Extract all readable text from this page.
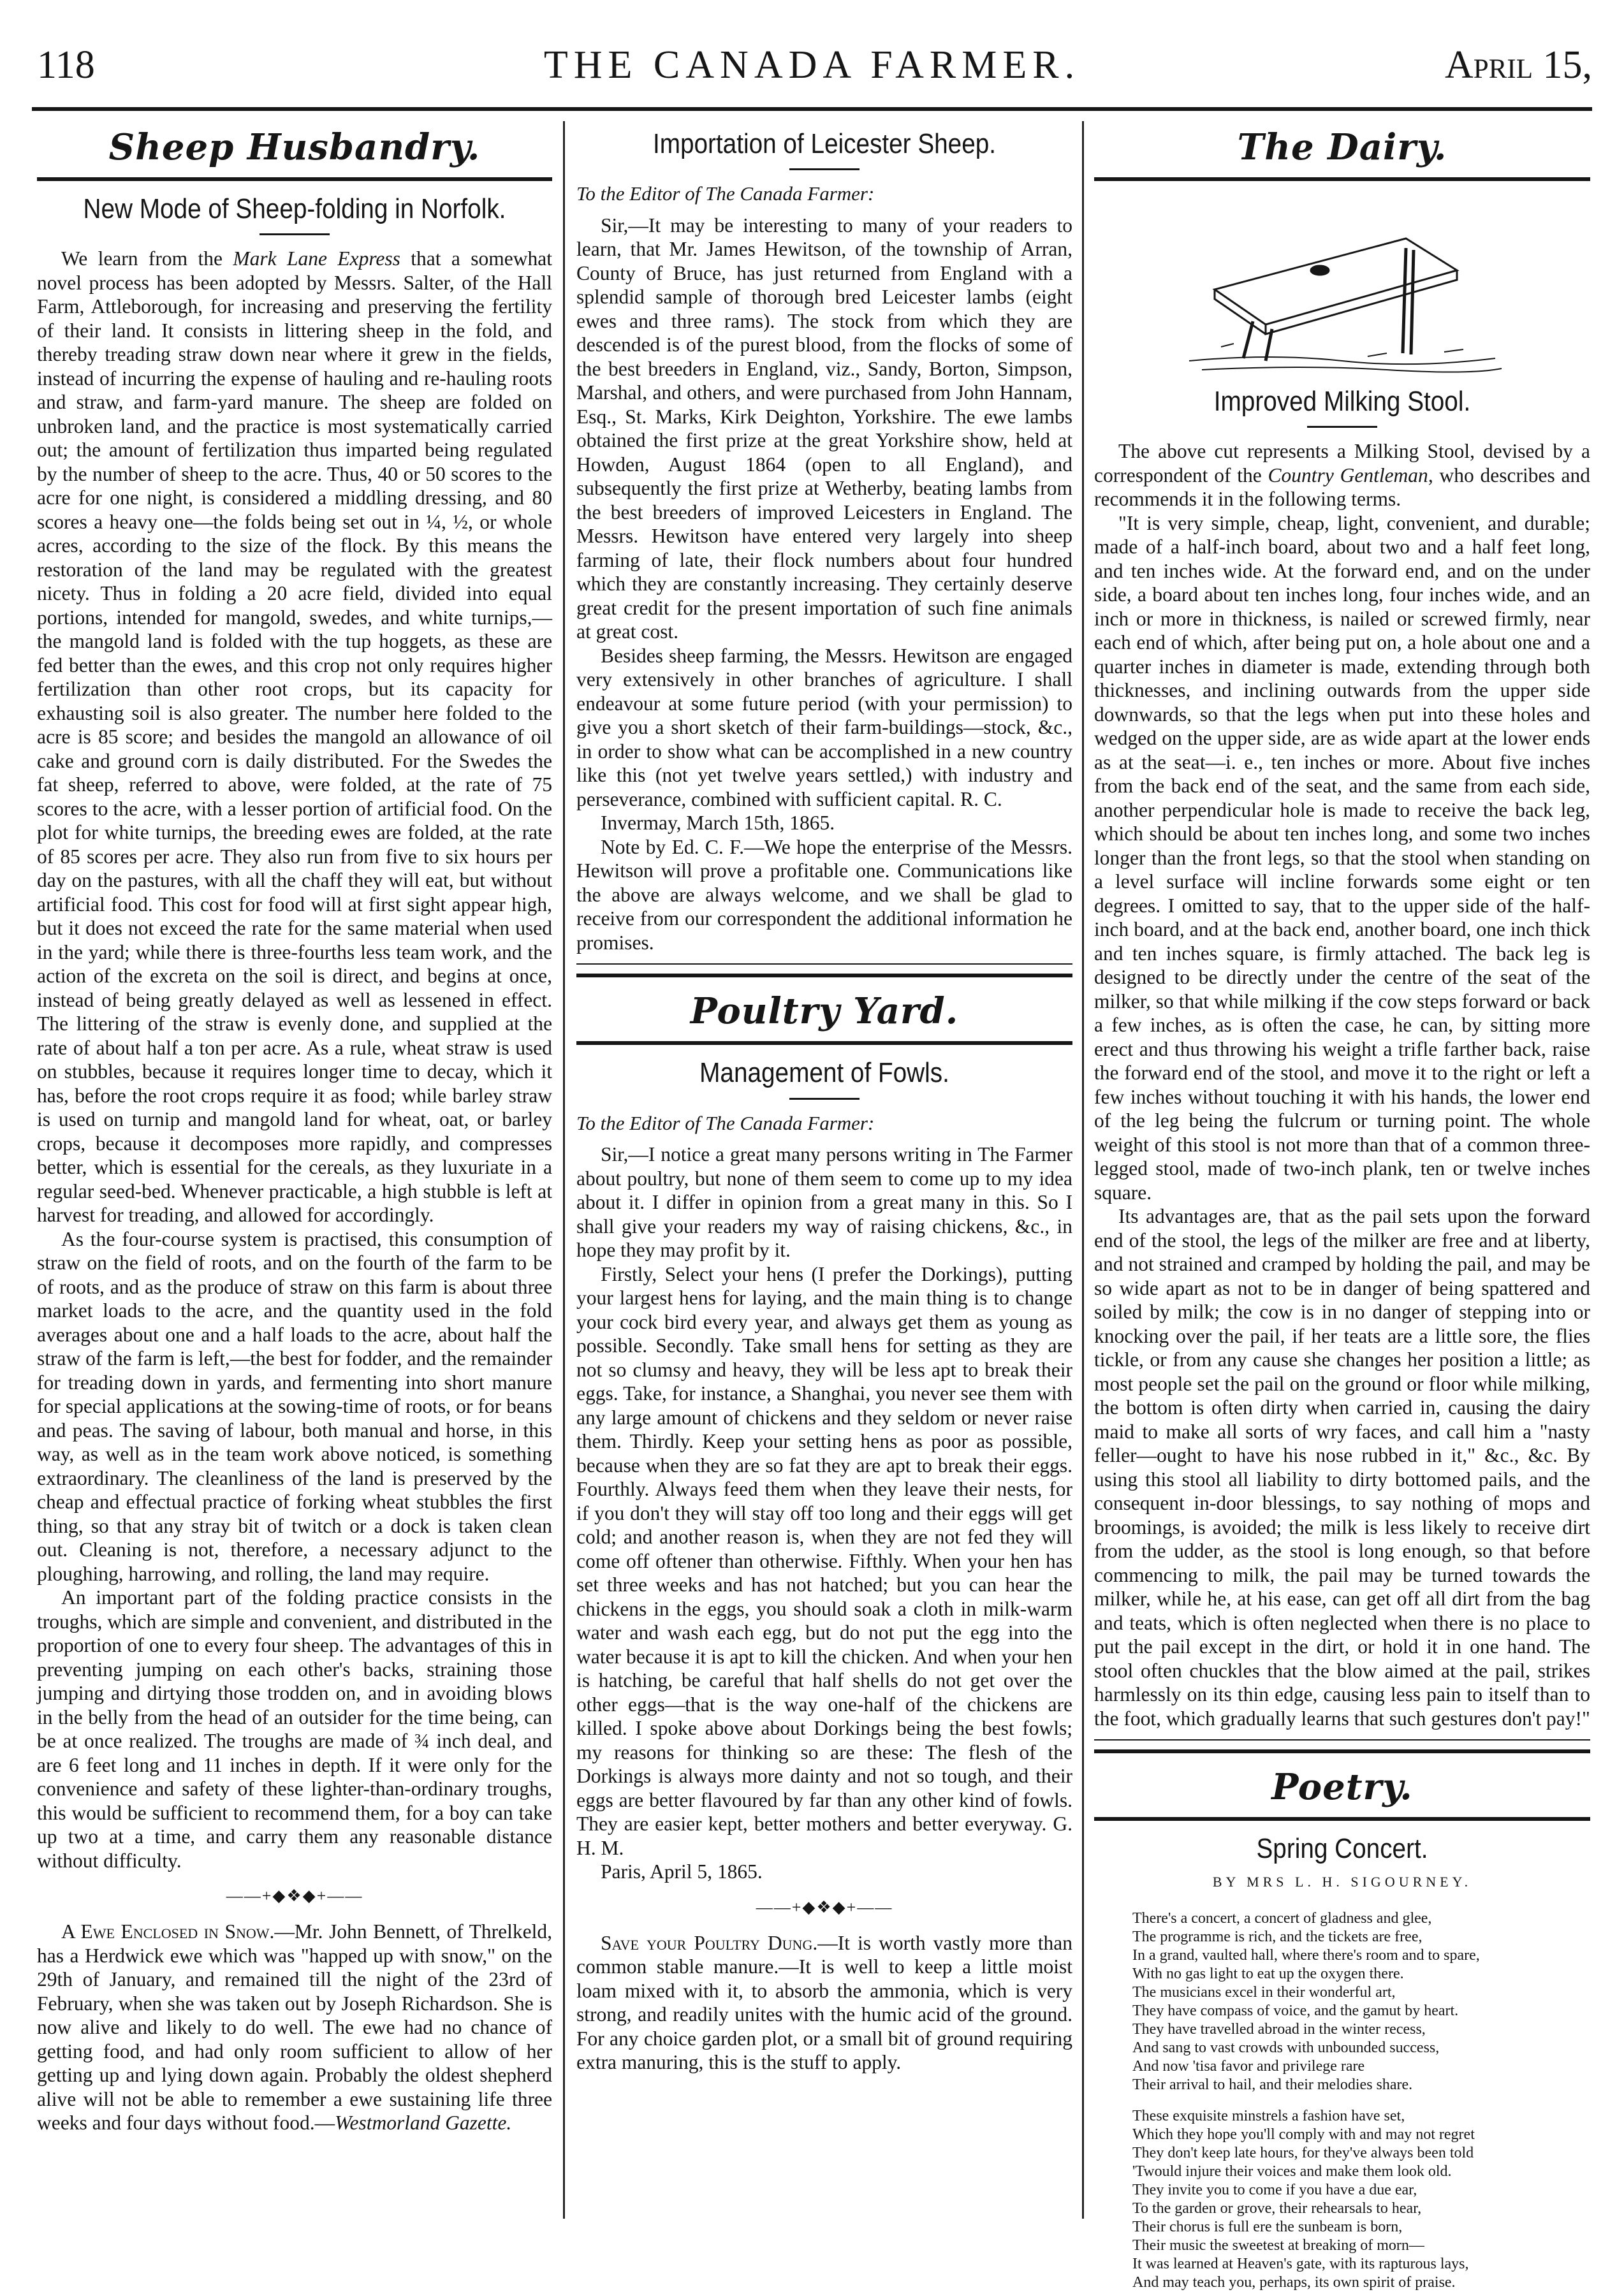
118	THE CANADA FARMER.	April 15,
Sheep Husbandry.
New Mode of Sheep-folding in Norfolk.

We learn from the Mark Lane Express that a somewhat novel process has been adopted by Messrs. Salter, of the Hall Farm, Attleborough, for increasing and preserving the fertility of their land. It consists in littering sheep in the fold, and thereby treading straw down near where it grew in the fields, instead of incurring the expense of hauling and re-hauling roots and straw, and farm-yard manure. The sheep are folded on unbroken land, and the practice is most systematically carried out; the amount of fertilization thus imparted being regulated by the number of sheep to the acre. Thus, 40 or 50 scores to the acre for one night, is considered a middling dressing, and 80 scores a heavy one—the folds being set out in ¼, ½, or whole acres, according to the size of the flock. By this means the restoration of the land may be regulated with the greatest nicety. Thus in folding a 20 acre field, divided into equal portions, intended for mangold, swedes, and white turnips,—the mangold land is folded with the tup hoggets, as these are fed better than the ewes, and this crop not only requires higher fertilization than other root crops, but its capacity for exhausting soil is also greater. The number here folded to the acre is 85 score; and besides the mangold an allowance of oil cake and ground corn is daily distributed. For the Swedes the fat sheep, referred to above, were folded, at the rate of 75 scores to the acre, with a lesser portion of artificial food. On the plot for white turnips, the breeding ewes are folded, at the rate of 85 scores per acre. They also run from five to six hours per day on the pastures, with all the chaff they will eat, but without artificial food. This cost for food will at first sight appear high, but it does not exceed the rate for the same material when used in the yard; while there is three-fourths less team work, and the action of the excreta on the soil is direct, and begins at once, instead of being greatly delayed as well as lessened in effect. The littering of the straw is evenly done, and supplied at the rate of about half a ton per acre. As a rule, wheat straw is used on stubbles, because it requires longer time to decay, which it has, before the root crops require it as food; while barley straw is used on turnip and mangold land for wheat, oat, or barley crops, because it decomposes more rapidly, and compresses better, which is essential for the cereals, as they luxuriate in a regular seed-bed. Whenever practicable, a high stubble is left at harvest for treading, and allowed for accordingly.

As the four-course system is practised, this consumption of straw on the field of roots, and on the fourth of the farm to be of roots, and as the produce of straw on this farm is about three market loads to the acre, and the quantity used in the fold averages about one and a half loads to the acre, about half the straw of the farm is left,—the best for fodder, and the remainder for treading down in yards, and fermenting into short manure for special applications at the sowing-time of roots, or for beans and peas. The saving of labour, both manual and horse, in this way, as well as in the team work above noticed, is something extraordinary. The cleanliness of the land is preserved by the cheap and effectual practice of forking wheat stubbles the first thing, so that any stray bit of twitch or a dock is taken clean out. Cleaning is not, therefore, a necessary adjunct to the ploughing, harrowing, and rolling, the land may require.

An important part of the folding practice consists in the troughs, which are simple and convenient, and distributed in the proportion of one to every four sheep. The advantages of this in preventing jumping on each other's backs, straining those jumping and dirtying those trodden on, and in avoiding blows in the belly from the head of an outsider for the time being, can be at once realized. The troughs are made of ¾ inch deal, and are 6 feet long and 11 inches in depth. If it were only for the convenience and safety of these lighter-than-ordinary troughs, this would be sufficient to recommend them, for a boy can take up two at a time, and carry them any reasonable distance without difficulty.

——+◆❖◆+——

A Ewe Enclosed in Snow.—Mr. John Bennett, of Threlkeld, has a Herdwick ewe which was "happed up with snow," on the 29th of January, and remained till the night of the 23rd of February, when she was taken out by Joseph Richardson. She is now alive and likely to do well. The ewe had no chance of getting food, and had only room sufficient to allow of her getting up and lying down again. Probably the oldest shepherd alive will not be able to remember a ewe sustaining life three weeks and four days without food.—Westmorland Gazette.

Importation of Leicester Sheep.

To the Editor of The Canada Farmer:

Sir,—It may be interesting to many of your readers to learn, that Mr. James Hewitson, of the township of Arran, County of Bruce, has just returned from England with a splendid sample of thorough bred Leicester lambs (eight ewes and three rams). The stock from which they are descended is of the purest blood, from the flocks of some of the best breeders in England, viz., Sandy, Borton, Simpson, Marshal, and others, and were purchased from John Hannam, Esq., St. Marks, Kirk Deighton, Yorkshire. The ewe lambs obtained the first prize at the great Yorkshire show, held at Howden, August 1864 (open to all England), and subsequently the first prize at Wetherby, beating lambs from the best breeders of improved Leicesters in England. The Messrs. Hewitson have entered very largely into sheep farming of late, their flock numbers about four hundred which they are constantly increasing. They certainly deserve great credit for the present importation of such fine animals at great cost.

Besides sheep farming, the Messrs. Hewitson are engaged very extensively in other branches of agriculture. I shall endeavour at some future period (with your permission) to give you a short sketch of their farm-buildings—stock, &c., in order to show what can be accomplished in a new country like this (not yet twelve years settled,) with industry and perseverance, combined with sufficient capital. R. C.

Invermay, March 15th, 1865.

Note by Ed. C. F.—We hope the enterprise of the Messrs. Hewitson will prove a profitable one. Communications like the above are always welcome, and we shall be glad to receive from our correspondent the additional information he promises.

Poultry Yard.
Management of Fowls.

To the Editor of The Canada Farmer:

Sir,—I notice a great many persons writing in The Farmer about poultry, but none of them seem to come up to my idea about it. I differ in opinion from a great many in this. So I shall give your readers my way of raising chickens, &c., in hope they may profit by it.

Firstly, Select your hens (I prefer the Dorkings), putting your largest hens for laying, and the main thing is to change your cock bird every year, and always get them as young as possible. Secondly. Take small hens for setting as they are not so clumsy and heavy, they will be less apt to break their eggs. Take, for instance, a Shanghai, you never see them with any large amount of chickens and they seldom or never raise them. Thirdly. Keep your setting hens as poor as possible, because when they are so fat they are apt to break their eggs. Fourthly. Always feed them when they leave their nests, for if you don't they will stay off too long and their eggs will get cold; and another reason is, when they are not fed they will come off oftener than otherwise. Fifthly. When your hen has set three weeks and has not hatched; but you can hear the chickens in the eggs, you should soak a cloth in milk-warm water and wash each egg, but do not put the egg into the water because it is apt to kill the chicken. And when your hen is hatching, be careful that half shells do not get over the other eggs—that is the way one-half of the chickens are killed. I spoke above about Dorkings being the best fowls; my reasons for thinking so are these: The flesh of the Dorkings is always more dainty and not so tough, and their eggs are better flavoured by far than any other kind of fowls. They are easier kept, better mothers and better everyway. G. H. M.

Paris, April 5, 1865.

——+◆❖◆+——

Save your Poultry Dung.—It is worth vastly more than common stable manure.—It is well to keep a little moist loam mixed with it, to absorb the ammonia, which is very strong, and readily unites with the humic acid of the ground. For any choice garden plot, or a small bit of ground requiring extra manuring, this is the stuff to apply.

The Dairy.
Improved Milking Stool.

The above cut represents a Milking Stool, devised by a correspondent of the Country Gentleman, who describes and recommends it in the following terms.

"It is very simple, cheap, light, convenient, and durable; made of a half-inch board, about two and a half feet long, and ten inches wide. At the forward end, and on the under side, a board about ten inches long, four inches wide, and an inch or more in thickness, is nailed or screwed firmly, near each end of which, after being put on, a hole about one and a quarter inches in diameter is made, extending through both thicknesses, and inclining outwards from the upper side downwards, so that the legs when put into these holes and wedged on the upper side, are as wide apart at the lower ends as at the seat—i. e., ten inches or more. About five inches from the back end of the seat, and the same from each side, another perpendicular hole is made to receive the back leg, which should be about ten inches long, and some two inches longer than the front legs, so that the stool when standing on a level surface will incline forwards some eight or ten degrees. I omitted to say, that to the upper side of the half-inch board, and at the back end, another board, one inch thick and ten inches square, is firmly attached. The back leg is designed to be directly under the centre of the seat of the milker, so that while milking if the cow steps forward or back a few inches, as is often the case, he can, by sitting more erect and thus throwing his weight a trifle farther back, raise the forward end of the stool, and move it to the right or left a few inches without touching it with his hands, the lower end of the leg being the fulcrum or turning point. The whole weight of this stool is not more than that of a common three-legged stool, made of two-inch plank, ten or twelve inches square.

Its advantages are, that as the pail sets upon the forward end of the stool, the legs of the milker are free and at liberty, and not strained and cramped by holding the pail, and may be so wide apart as not to be in danger of being spattered and soiled by milk; the cow is in no danger of stepping into or knocking over the pail, if her teats are a little sore, the flies tickle, or from any cause she changes her position a little; as most people set the pail on the ground or floor while milking, the bottom is often dirty when carried in, causing the dairy maid to make all sorts of wry faces, and call him a "nasty feller—ought to have his nose rubbed in it," &c., &c. By using this stool all liability to dirty bottomed pails, and the consequent in-door blessings, to say nothing of mops and broomings, is avoided; the milk is less likely to receive dirt from the udder, as the stool is long enough, so that before commencing to milk, the pail may be turned towards the milker, while he, at his ease, can get off all dirt from the bag and teats, which is often neglected when there is no place to put the pail except in the dirt, or hold it in one hand. The stool often chuckles that the blow aimed at the pail, strikes harmlessly on its thin edge, causing less pain to itself than to the foot, which gradually learns that such gestures don't pay!"

Poetry.
Spring Concert.
BY MRS L. H. SIGOURNEY.
There's a concert, a concert of gladness and glee,
The programme is rich, and the tickets are free,
In a grand, vaulted hall, where there's room and to spare,
With no gas light to eat up the oxygen there.
The musicians excel in their wonderful art,
They have compass of voice, and the gamut by heart.
They have travelled abroad in the winter recess,
And sang to vast crowds with unbounded success,
And now 'tisa favor and privilege rare
Their arrival to hail, and their melodies share.
These exquisite minstrels a fashion have set,
Which they hope you'll comply with and may not regret
They don't keep late hours, for they've always been told
'Twould injure their voices and make them look old.
They invite you to come if you have a due ear,
To the garden or grove, their rehearsals to hear,
Their chorus is full ere the sunbeam is born,
Their music the sweetest at breaking of morn—
It was learned at Heaven's gate, with its rapturous lays,
And may teach you, perhaps, its own spirit of praise.
